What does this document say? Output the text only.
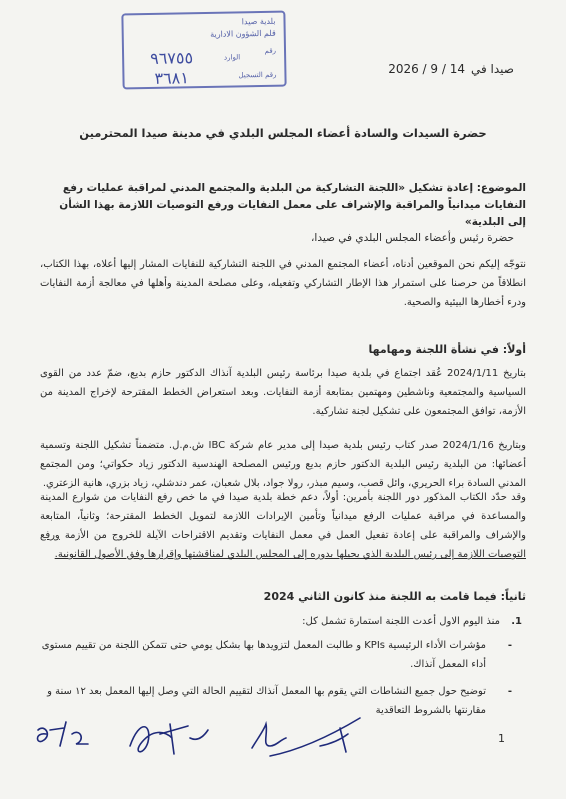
بلدية صيدا
قلم الشؤون الادارية
رقم
الوارد
رقم التسجيل
٩٦٧٥٥
٣٦٨١	صيدا في
2026 / 9 / 14
حضرة السيدات والسادة أعضاء المجلس البلدي في مدينة صيدا المحترمين
الموضوع: إعادة تشكيل «اللجنة التشاركية من البلدية والمجتمع المدني لمراقبة عمليات رفع النفايات ميدانياً والمراقبة والإشراف على معمل النفايات ورفع التوصيات اللازمة بهذا الشأن إلى البلدية»
حضرة رئيس وأعضاء المجلس البلدي في صيدا،
نتوجّه إليكم نحن الموقعين أدناه، أعضاء المجتمع المدني في اللجنة التشاركية للنفايات المشار إليها أعلاه، بهذا الكتاب، انطلاقاً من حرصنا على استمرار هذا الإطار التشاركي وتفعيله، وعلى مصلحة المدينة وأهلها في معالجة أزمة النفايات ودرء أخطارها البيئية والصحية.
أولاً: في نشأة اللجنة ومهامها
بتاريخ 2024/1/11 عُقد اجتماع في بلدية صيدا برئاسة رئيس البلدية آنذاك الدكتور حازم بديع، ضمّ عدد من القوى السياسية والمجتمعية وناشطين ومهتمين بمتابعة أزمة النفايات. وبعد استعراض الخطط المقترحة لإخراج المدينة من الأزمة، توافق المجتمعون على تشكيل لجنة تشاركية.
وبتاريخ 2024/1/16 صدر كتاب رئيس بلدية صيدا إلى مدير عام شركة IBC ش.م.ل. متضمناً تشكيل اللجنة وتسمية أعضائها: من البلدية رئيس البلدية الدكتور حازم بديع ورئيس المصلحة الهندسية الدكتور زياد حكواتي؛ ومن المجتمع المدني السادة براء الحريري، وائل قصب، وسيم مبذر، رولا جواد، بلال شعبان، عمر دندشلي، زياد بزري، هانية الزعتري.
وقد حدّد الكتاب المذكور دور اللجنة بأمرين: أولاً، دعم خطة بلدية صيدا في ما خص رفع النفايات من شوارع المدينة والمساعدة في مراقبة عمليات الرفع ميدانياً وتأمين الإيرادات اللازمة لتمويل الخطط المقترحة؛ وثانياً، المتابعة والإشراف والمراقبة على إعادة تفعيل العمل في معمل النفايات وتقديم الاقتراحات الآيلة للخروج من الأزمة ورفع التوصيات اللازمة إلى رئيس البلدية الذي يحيلها بدوره إلى المجلس البلدي لمناقشتها وإقرارها وفق الأصول القانونية.
ثانياً: فيما قامت به اللجنة منذ كانون الثاني 2024
1.
منذ اليوم الاول أعدت اللجنة استمارة تشمل كل:
-
مؤشرات الأداء الرئيسية KPIs و طالبت المعمل لتزويدها بها بشكل يومي حتى تتمكن اللجنة من تقييم مستوى أداء المعمل آنذاك.
-
توضيح حول جميع النشاطات التي يقوم بها المعمل آنذاك لتقييم الحالة التي وصل إليها المعمل بعد ١٢ سنة و مقارنتها بالشروط التعاقدية
1
